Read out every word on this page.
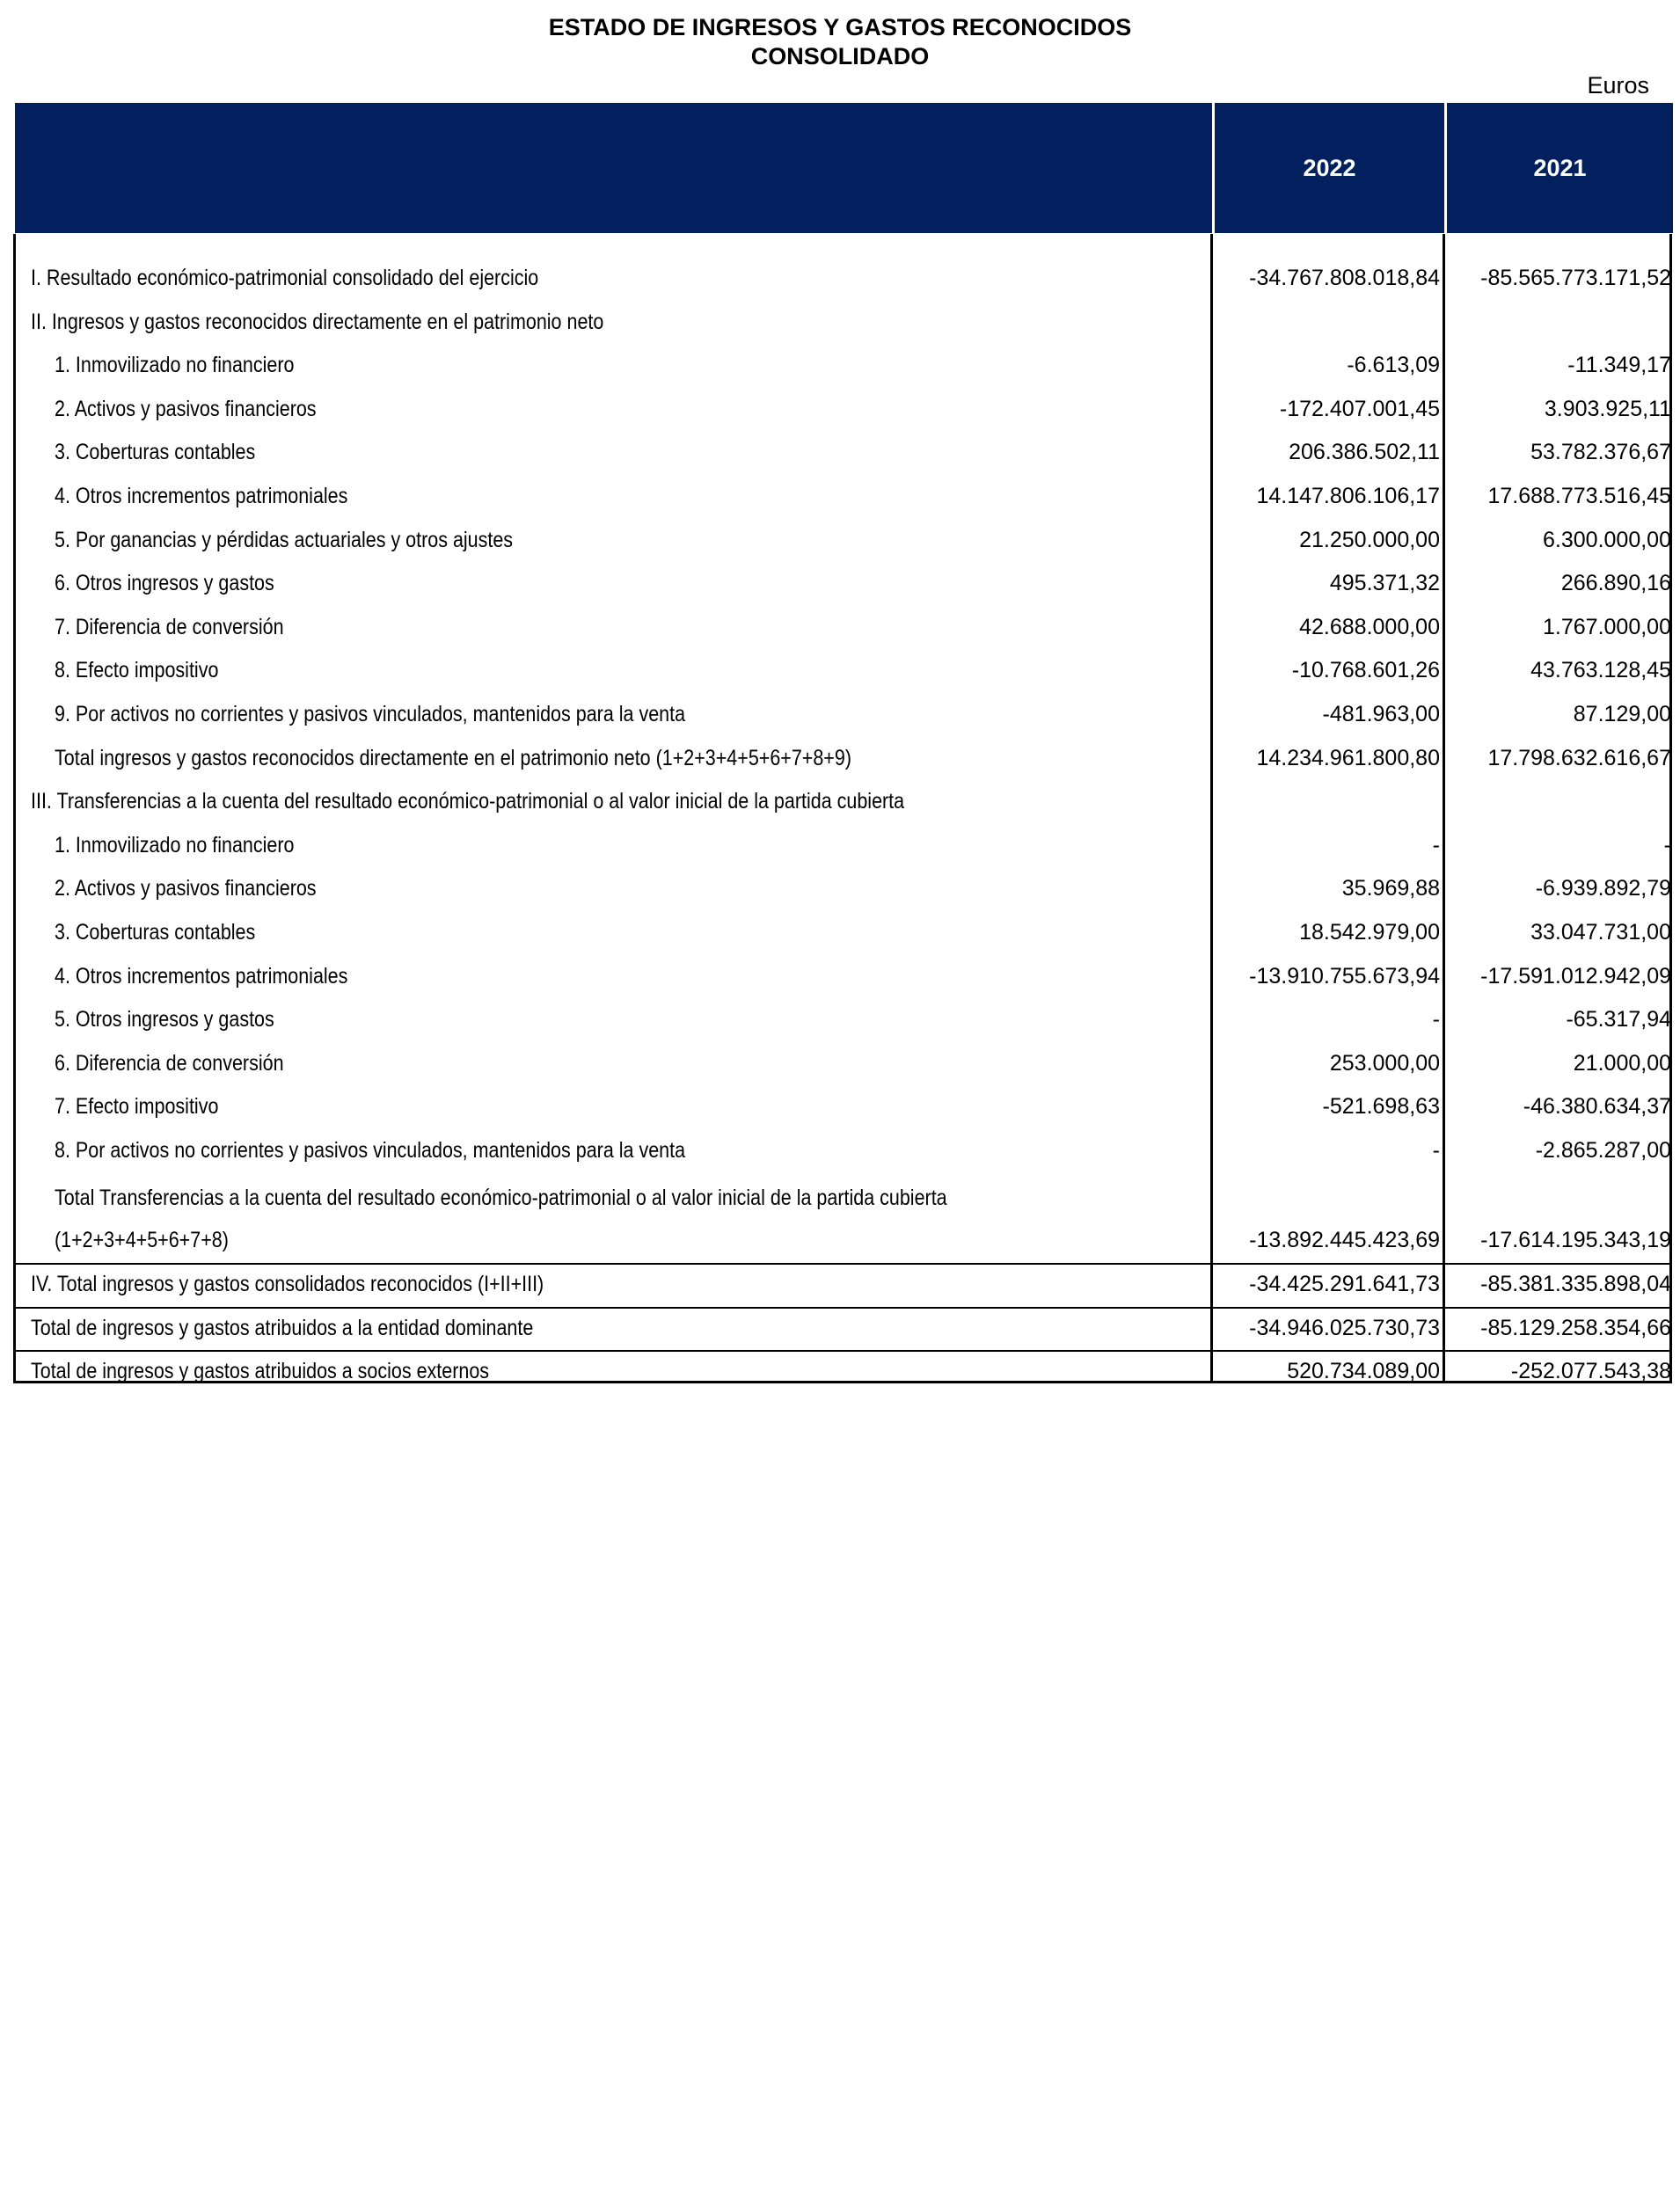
ESTADO DE INGRESOS Y GASTOS RECONOCIDOS
CONSOLIDADO
Euros
2022	2021
I. Resultado económico-patrimonial consolidado del ejercicio	-34.767.808.018,84	-85.565.773.171,52
II. Ingresos y gastos reconocidos directamente en el patrimonio neto
1. Inmovilizado no financiero	-6.613,09	-11.349,17
2. Activos y pasivos financieros	-172.407.001,45	3.903.925,11
3. Coberturas contables	206.386.502,11	53.782.376,67
4. Otros incrementos patrimoniales	14.147.806.106,17	17.688.773.516,45
5. Por ganancias y pérdidas actuariales y otros ajustes	21.250.000,00	6.300.000,00
6. Otros ingresos y gastos	495.371,32	266.890,16
7. Diferencia de conversión	42.688.000,00	1.767.000,00
8. Efecto impositivo	-10.768.601,26	43.763.128,45
9. Por activos no corrientes y pasivos vinculados, mantenidos para la venta	-481.963,00	87.129,00
Total ingresos y gastos reconocidos directamente en el patrimonio neto (1+2+3+4+5+6+7+8+9)	14.234.961.800,80	17.798.632.616,67
III. Transferencias a la cuenta del resultado económico-patrimonial o al valor inicial de la partida cubierta
1. Inmovilizado no financiero	-	-
2. Activos y pasivos financieros	35.969,88	-6.939.892,79
3. Coberturas contables	18.542.979,00	33.047.731,00
4. Otros incrementos patrimoniales	-13.910.755.673,94	-17.591.012.942,09
5. Otros ingresos y gastos	-	-65.317,94
6. Diferencia de conversión	253.000,00	21.000,00
7. Efecto impositivo	-521.698,63	-46.380.634,37
8. Por activos no corrientes y pasivos vinculados, mantenidos para la venta	-	-2.865.287,00
Total Transferencias a la cuenta del resultado económico-patrimonial o al valor inicial de la partida cubierta
(1+2+3+4+5+6+7+8)	-13.892.445.423,69	-17.614.195.343,19
IV. Total ingresos y gastos consolidados reconocidos (I+II+III)	-34.425.291.641,73	-85.381.335.898,04
Total de ingresos y gastos atribuidos a la entidad dominante	-34.946.025.730,73	-85.129.258.354,66
Total de ingresos y gastos atribuidos a socios externos	520.734.089,00	-252.077.543,38
